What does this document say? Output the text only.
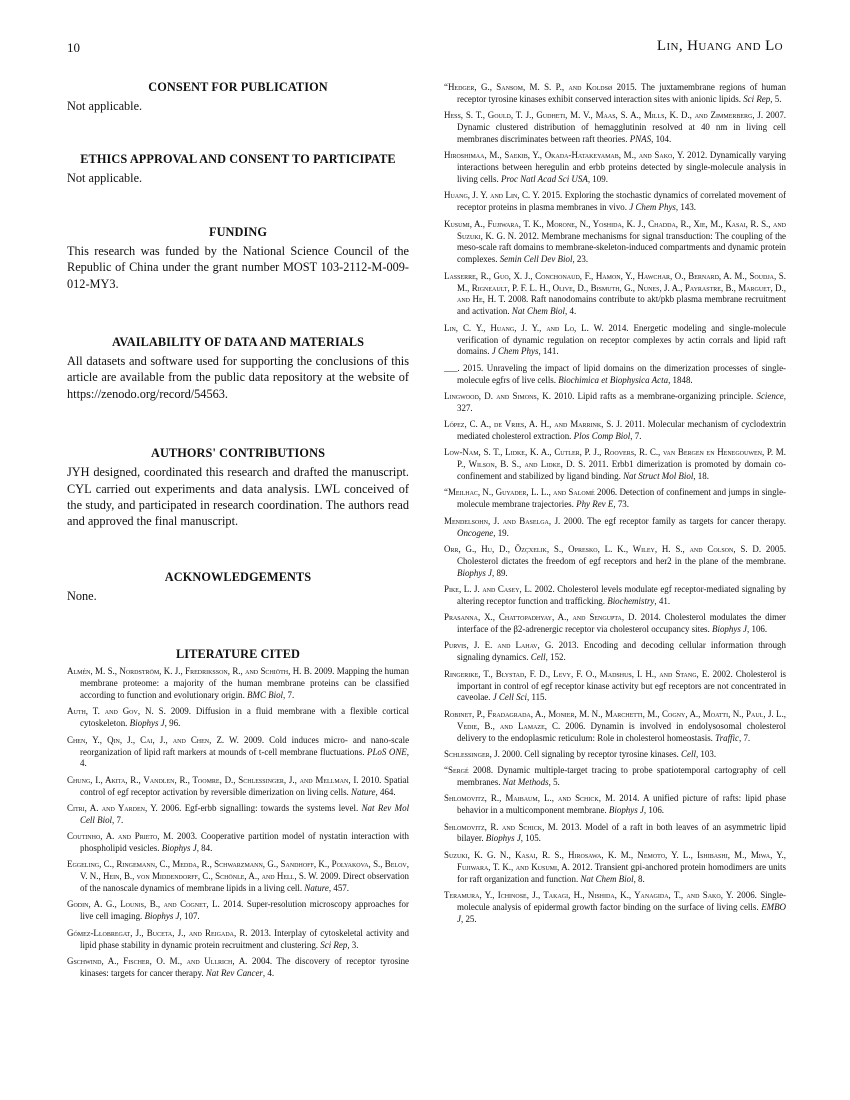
10	Lin, Huang and Lo
CONSENT FOR PUBLICATION

Not applicable.

ETHICS APPROVAL AND CONSENT TO PARTICIPATE

Not applicable.

FUNDING

This research was funded by the National Science Council of the Republic of China under the grant number MOST 103-2112-M-009-012-MY3.

AVAILABILITY OF DATA AND MATERIALS

All datasets and software used for supporting the conclusions of this article are available from the public data repository at the website of https://zenodo.org/record/54563.

AUTHORS' CONTRIBUTIONS

JYH designed, coordinated this research and drafted the manuscript. CYL carried out experiments and data analysis. LWL conceived of the study, and participated in research coordination. The authors read and approved the final manuscript.

ACKNOWLEDGEMENTS

None.

LITERATURE CITED

Almén, M. S., Nordström, K. J., Fredriksson, R., and Schiöth, H. B. 2009. Mapping the human membrane proteome: a majority of the human membrane proteins can be classified according to function and evolutionary origin. BMC Biol, 7.

Auth, T. and Gov, N. S. 2009. Diffusion in a fluid membrane with a flexible cortical cytoskeleton. Biophys J, 96.

Chen, Y., Qin, J., Cai, J., and Chen, Z. W. 2009. Cold induces micro- and nano-scale reorganization of lipid raft markers at mounds of t-cell membrane fluctuations. PLoS ONE, 4.

Chung, I., Akita, R., Vandlen, R., Toomre, D., Schlessinger, J., and Mellman, I. 2010. Spatial control of egf receptor activation by reversible dimerization on living cells. Nature, 464.

Citri, A. and Yarden, Y. 2006. Egf-erbb signalling: towards the systems level. Nat Rev Mol Cell Biol, 7.

Coutinho, A. and Prieto, M. 2003. Cooperative partition model of nystatin interaction with phospholipid vesicles. Biophys J, 84.

Eggeling, C., Ringemann, C., Medda, R., Schwarzmann, G., Sandhoff, K., Polyakova, S., Belov, V. N., Hein, B., von Middendorff, C., Schönle, A., and Hell, S. W. 2009. Direct observation of the nanoscale dynamics of membrane lipids in a living cell. Nature, 457.

Godin, A. G., Lounis, B., and Cognet, L. 2014. Super-resolution microscopy approaches for live cell imaging. Biophys J, 107.

Gómez-Llobregat, J., Buceta, J., and Reigada, R. 2013. Interplay of cytoskeletal activity and lipid phase stability in dynamic protein recruitment and clustering. Sci Rep, 3.

Gschwind, A., Fischer, O. M., and Ullrich, A. 2004. The discovery of receptor tyrosine kinases: targets for cancer therapy. Nat Rev Cancer, 4.

“Hedger, G., Sansom, M. S. P., and Koldsø 2015. The juxtamembrane regions of human receptor tyrosine kinases exhibit conserved interaction sites with anionic lipids. Sci Rep, 5.

Hess, S. T., Gould, T. J., Gudheti, M. V., Maas, S. A., Mills, K. D., and Zimmerberg, J. 2007. Dynamic clustered distribution of hemagglutinin resolved at 40 nm in living cell membranes discriminates between raft theories. PNAS, 104.

Hiroshimaa, M., Saekib, Y., Okada-Hatakeyamab, M., and Sako, Y. 2012. Dynamically varying interactions between heregulin and erbb proteins detected by single-molecule analysis in living cells. Proc Natl Acad Sci USA, 109.

Huang, J. Y. and Lin, C. Y. 2015. Exploring the stochastic dynamics of correlated movement of receptor proteins in plasma membranes in vivo. J Chem Phys, 143.

Kusumi, A., Fujiwara, T. K., Morone, N., Yoshida, K. J., Chadda, R., Xie, M., Kasai, R. S., and Suzuki, K. G. N. 2012. Membrane mechanisms for signal transduction: The coupling of the meso-scale raft domains to membrane-skeleton-induced compartments and dynamic protein complexes. Semin Cell Dev Biol, 23.

Lasserre, R., Guo, X. J., Conchonaud, F., Hamon, Y., Hawchar, O., Bernard, A. M., Soudja, S. M., Rigneault, P. F. L. H., Olive, D., Bismuth, G., Nunes, J. A., Payrastre, B., Marguet, D., and He, H. T. 2008. Raft nanodomains contribute to akt/pkb plasma membrane recruitment and activation. Nat Chem Biol, 4.

Lin, C. Y., Huang, J. Y., and Lo, L. W. 2014. Energetic modeling and single-molecule verification of dynamic regulation on receptor complexes by actin corrals and lipid raft domains. J Chem Phys, 141.

___. 2015. Unraveling the impact of lipid domains on the dimerization processes of single-molecule egfrs of live cells. Biochimica et Biophysica Acta, 1848.

Lingwood, D. and Simons, K. 2010. Lipid rafts as a membrane-organizing principle. Science, 327.

López, C. A., de Vries, A. H., and Marrink, S. J. 2011. Molecular mechanism of cyclodextrin mediated cholesterol extraction. Plos Comp Biol, 7.

Low-Nam, S. T., Lidke, K. A., Cutler, P. J., Roovers, R. C., van Bergen en Henegouwen, P. M. P., Wilson, B. S., and Lidke, D. S. 2011. Erbb1 dimerization is promoted by domain co-confinement and stabilized by ligand binding. Nat Struct Mol Biol, 18.

“Meilhac, N., Guyader, L. L., and Salomé 2006. Detection of confinement and jumps in single-molecule membrane trajectories. Phy Rev E, 73.

Mendelsohn, J. and Baselga, J. 2000. The egf receptor family as targets for cancer therapy. Oncogene, 19.

Orr, G., Hu, D., Özçxelik, S., Opresko, L. K., Wiley, H. S., and Colson, S. D. 2005. Cholesterol dictates the freedom of egf receptors and her2 in the plane of the membrane. Biophys J, 89.

Pike, L. J. and Casey, L. 2002. Cholesterol levels modulate egf receptor-mediated signaling by altering receptor function and trafficking. Biochemistry, 41.

Prasanna, X., Chattopadhyay, A., and Sengupta, D. 2014. Cholesterol modulates the dimer interface of the β2-adrenergic receptor via cholesterol occupancy sites. Biophys J, 106.

Purvis, J. E. and Lahav, G. 2013. Encoding and decoding cellular information through signaling dynamics. Cell, 152.

Ringerike, T., Blystad, F. D., Levy, F. O., Madshus, I. H., and Stang, E. 2002. Cholesterol is important in control of egf receptor kinase activity but egf receptors are not concentrated in caveolae. J Cell Sci, 115.

Robinet, P., Fradagrada, A., Monier, M. N., Marchetti, M., Cogny, A., Moatti, N., Paul, J. L., Vedie, B., and Lamaze, C. 2006. Dynamin is involved in endolysosomal cholesterol delivery to the endoplasmic reticulum: Role in cholesterol homeostasis. Traffic, 7.

Schlessinger, J. 2000. Cell signaling by receptor tyrosine kinases. Cell, 103.

“Sergé 2008. Dynamic multiple-target tracing to probe spatiotemporal cartography of cell membranes. Nat Methods, 5.

Shlomovitz, R., Maibaum, L., and Schick, M. 2014. A unified picture of rafts: lipid phase behavior in a multicomponent membrane. Biophys J, 106.

Shlomovitz, R. and Schick, M. 2013. Model of a raft in both leaves of an asymmetric lipid bilayer. Biophys J, 105.

Suzuki, K. G. N., Kasai, R. S., Hirosawa, K. M., Nemoto, Y. L., Ishibashi, M., Miwa, Y., Fujiwara, T. K., and Kusumi, A. 2012. Transient gpi-anchored protein homodimers are units for raft organization and function. Nat Chem Biol, 8.

Teramura, Y., Ichinose, J., Takagi, H., Nishida, K., Yanagida, T., and Sako, Y. 2006. Single-molecule analysis of epidermal growth factor binding on the surface of living cells. EMBO J, 25.
